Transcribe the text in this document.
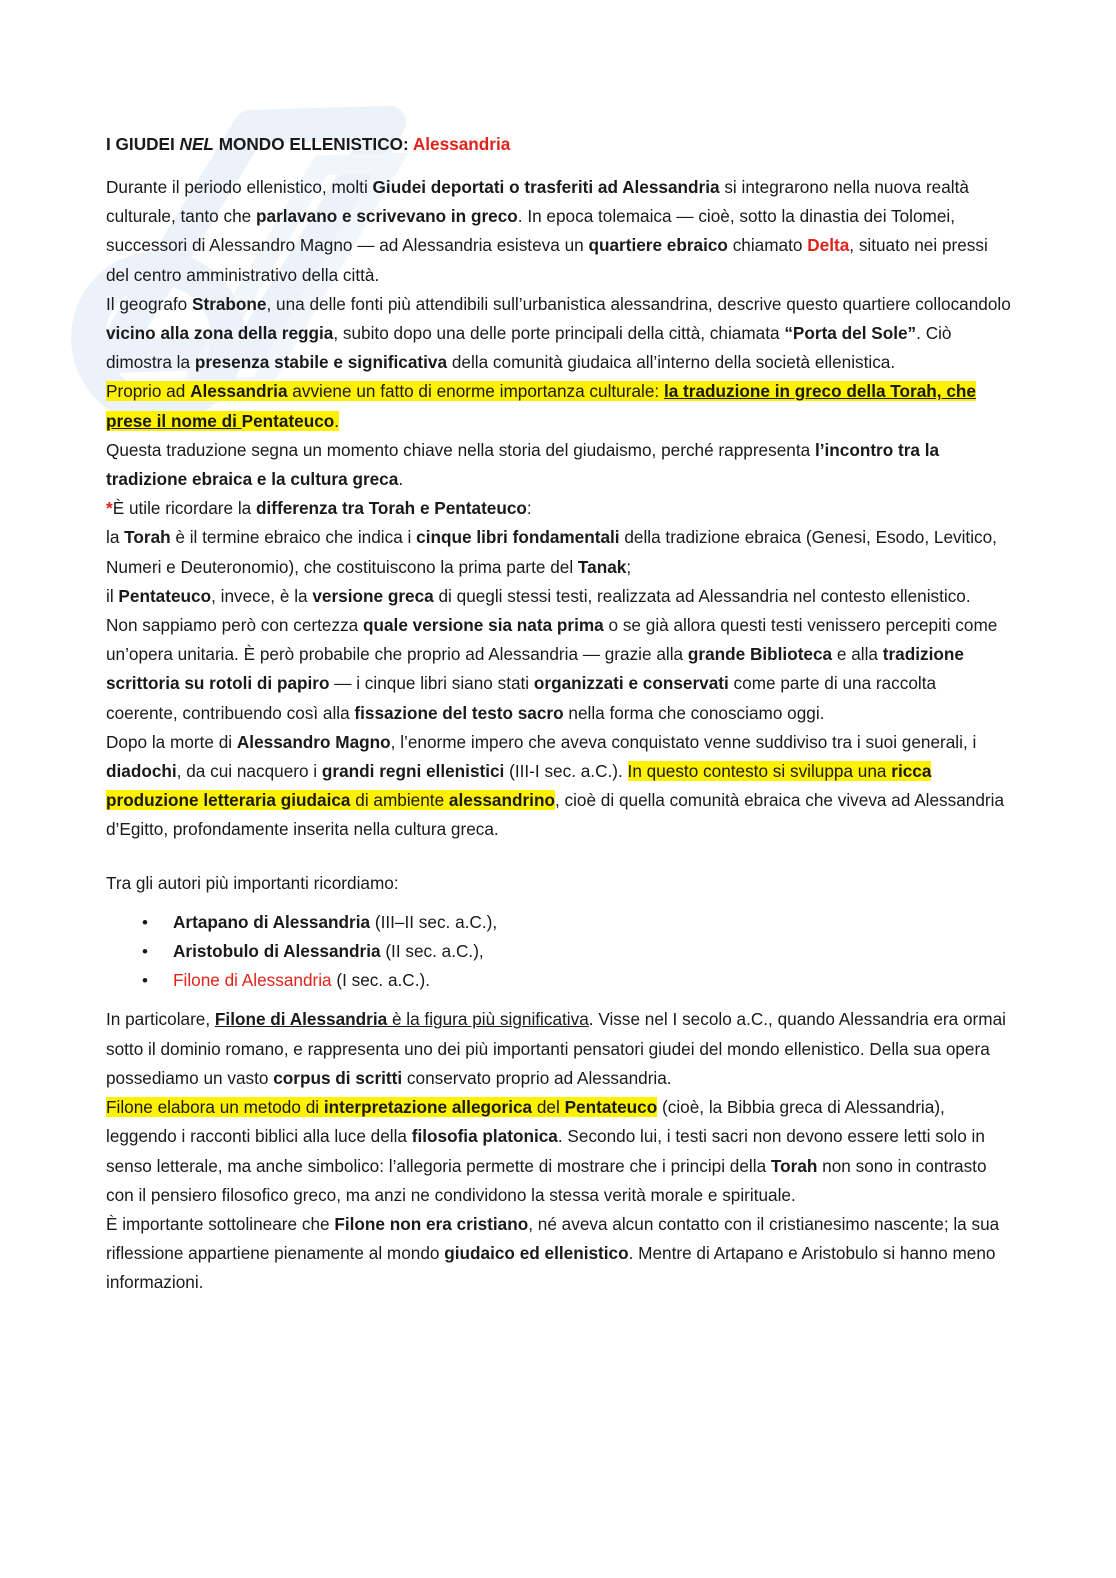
I GIUDEI NEL MONDO ELLENISTICO: Alessandria

Durante il periodo ellenistico, molti Giudei deportati o trasferiti ad Alessandria si integrarono nella nuova realtà culturale, tanto che parlavano e scrivevano in greco. In epoca tolemaica — cioè, sotto la dinastia dei Tolomei, successori di Alessandro Magno — ad Alessandria esisteva un quartiere ebraico chiamato Delta, situato nei pressi del centro amministrativo della città.

Il geografo Strabone, una delle fonti più attendibili sull’urbanistica alessandrina, descrive questo quartiere collocandolo vicino alla zona della reggia, subito dopo una delle porte principali della città, chiamata “Porta del Sole”. Ciò dimostra la presenza stabile e significativa della comunità giudaica all’interno della società ellenistica.

Proprio ad Alessandria avviene un fatto di enorme importanza culturale: la traduzione in greco della Torah, che prese il nome di Pentateuco.

Questa traduzione segna un momento chiave nella storia del giudaismo, perché rappresenta l’incontro tra la tradizione ebraica e la cultura greca.

*È utile ricordare la differenza tra Torah e Pentateuco:

la Torah è il termine ebraico che indica i cinque libri fondamentali della tradizione ebraica (Genesi, Esodo, Levitico, Numeri e Deuteronomio), che costituiscono la prima parte del Tanak;

il Pentateuco, invece, è la versione greca di quegli stessi testi, realizzata ad Alessandria nel contesto ellenistico.

Non sappiamo però con certezza quale versione sia nata prima o se già allora questi testi venissero percepiti come un’opera unitaria. È però probabile che proprio ad Alessandria — grazie alla grande Biblioteca e alla tradizione scrittoria su rotoli di papiro — i cinque libri siano stati organizzati e conservati come parte di una raccolta coerente, contribuendo così alla fissazione del testo sacro nella forma che conosciamo oggi.

Dopo la morte di Alessandro Magno, l’enorme impero che aveva conquistato venne suddiviso tra i suoi generali, i diadochi, da cui nacquero i grandi regni ellenistici (III-I sec. a.C.). In questo contesto si sviluppa una ricca produzione letteraria giudaica di ambiente alessandrino, cioè di quella comunità ebraica che viveva ad Alessandria d’Egitto, profondamente inserita nella cultura greca.

Tra gli autori più importanti ricordiamo:

• Artapano di Alessandria (III–II sec. a.C.),
• Aristobulo di Alessandria (II sec. a.C.),
• Filone di Alessandria (I sec. a.C.).

In particolare, Filone di Alessandria è la figura più significativa. Visse nel I secolo a.C., quando Alessandria era ormai sotto il dominio romano, e rappresenta uno dei più importanti pensatori giudei del mondo ellenistico. Della sua opera possediamo un vasto corpus di scritti conservato proprio ad Alessandria.

Filone elabora un metodo di interpretazione allegorica del Pentateuco (cioè, la Bibbia greca di Alessandria), leggendo i racconti biblici alla luce della filosofia platonica. Secondo lui, i testi sacri non devono essere letti solo in senso letterale, ma anche simbolico: l’allegoria permette di mostrare che i principi della Torah non sono in contrasto con il pensiero filosofico greco, ma anzi ne condividono la stessa verità morale e spirituale.

È importante sottolineare che Filone non era cristiano, né aveva alcun contatto con il cristianesimo nascente; la sua riflessione appartiene pienamente al mondo giudaico ed ellenistico. Mentre di Artapano e Aristobulo si hanno meno informazioni.
